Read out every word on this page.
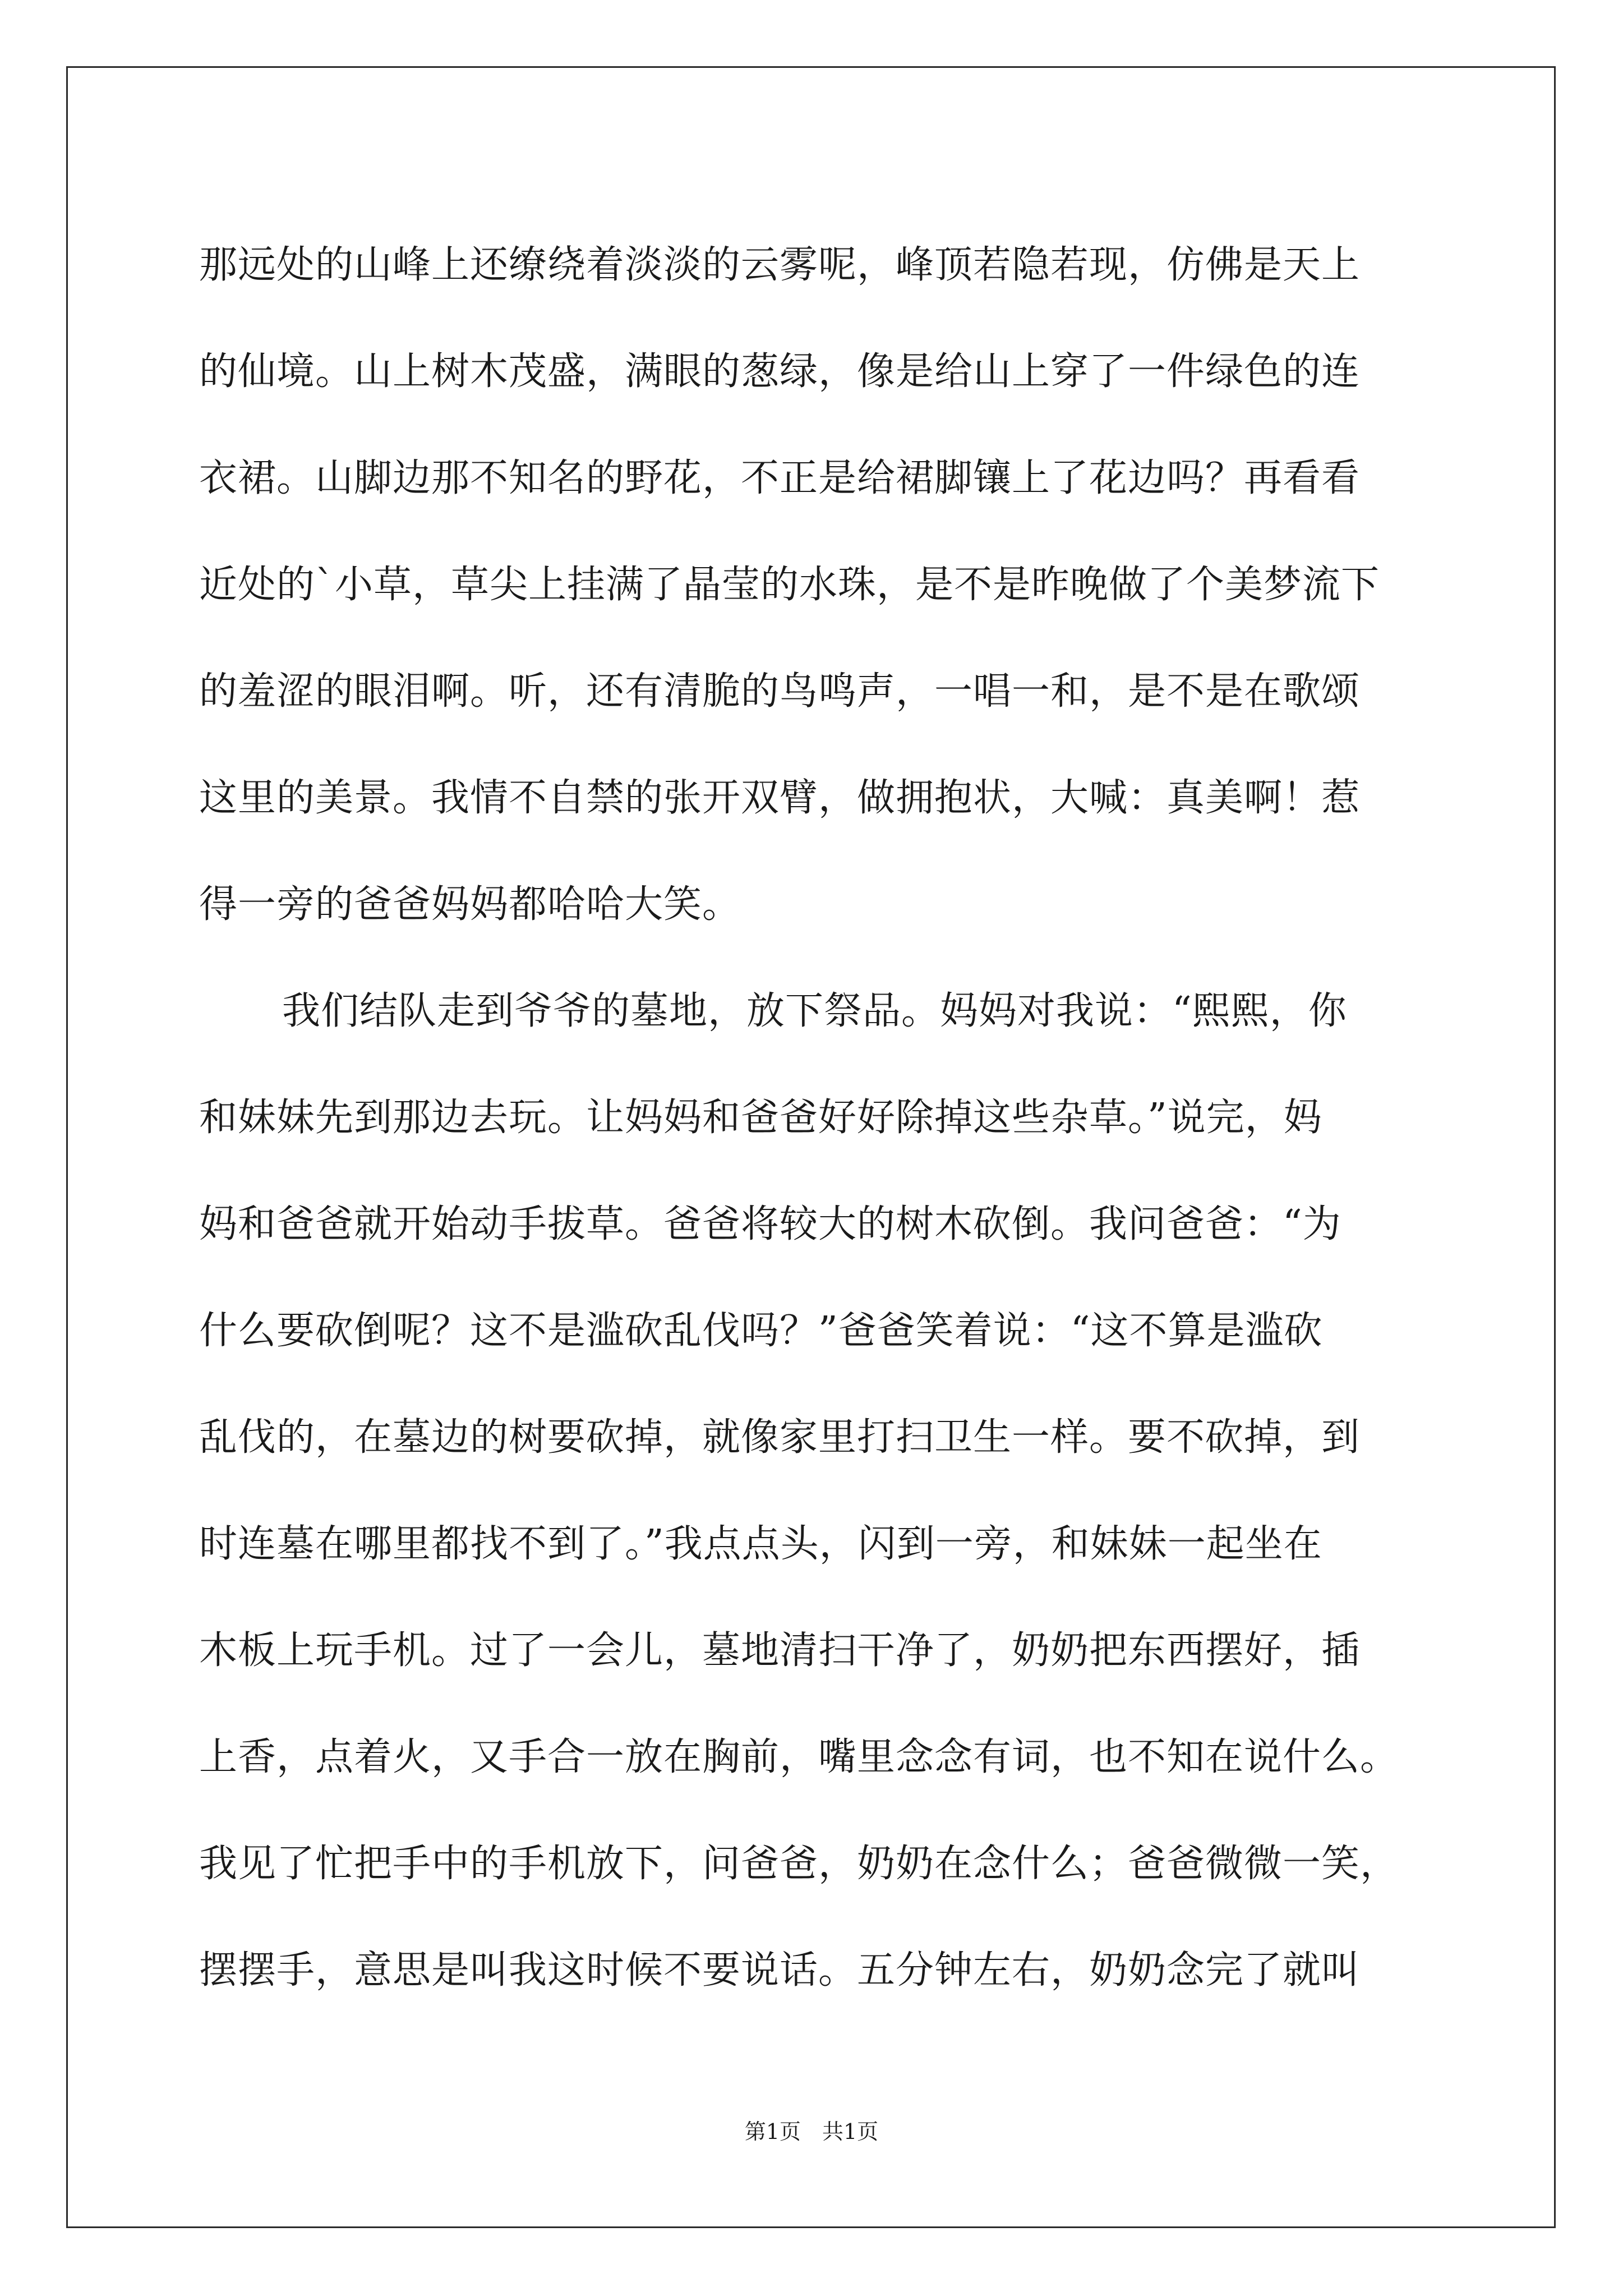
那远处的山峰上还缭绕着淡淡的云雾呢，峰顶若隐若现，仿佛是天上
的仙境。山上树木茂盛，满眼的葱绿，像是给山上穿了一件绿色的连
衣裙。山脚边那不知名的野花，不正是给裙脚镶上了花边吗？再看看
近处的`小草，草尖上挂满了晶莹的水珠，是不是昨晚做了个美梦流下
的羞涩的眼泪啊。听，还有清脆的鸟鸣声，一唱一和，是不是在歌颂
这里的美景。我情不自禁的张开双臂，做拥抱状，大喊：真美啊！惹
得一旁的爸爸妈妈都哈哈大笑。
我们结队走到爷爷的墓地，放下祭品。妈妈对我说：“熙熙，你
和妹妹先到那边去玩。让妈妈和爸爸好好除掉这些杂草。”说完，妈
妈和爸爸就开始动手拔草。爸爸将较大的树木砍倒。我问爸爸：“为
什么要砍倒呢？这不是滥砍乱伐吗？”爸爸笑着说：“这不算是滥砍
乱伐的，在墓边的树要砍掉，就像家里打扫卫生一样。要不砍掉，到
时连墓在哪里都找不到了。”我点点头，闪到一旁，和妹妹一起坐在
木板上玩手机。过了一会儿，墓地清扫干净了，奶奶把东西摆好，插
上香，点着火，又手合一放在胸前，嘴里念念有词，也不知在说什么。
我见了忙把手中的手机放下，问爸爸，奶奶在念什么；爸爸微微一笑，
摆摆手，意思是叫我这时候不要说话。五分钟左右，奶奶念完了就叫
第1页　共1页
